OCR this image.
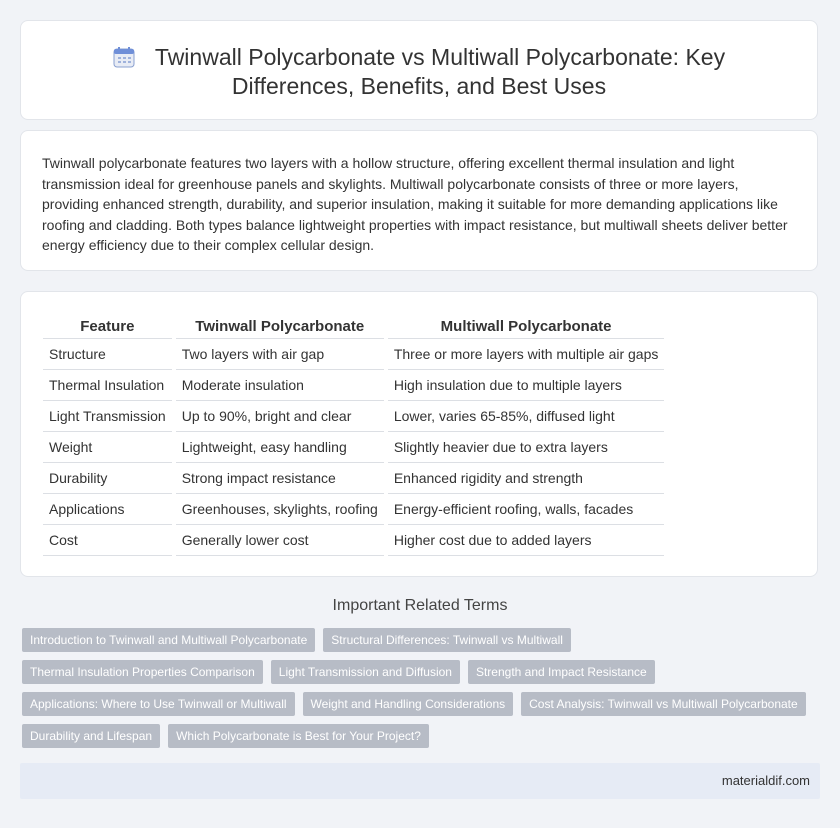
Twinwall Polycarbonate vs Multiwall Polycarbonate: Key Differences, Benefits, and Best Uses

Twinwall polycarbonate features two layers with a hollow structure, offering excellent thermal insulation and light transmission ideal for greenhouse panels and skylights. Multiwall polycarbonate consists of three or more layers, providing enhanced strength, durability, and superior insulation, making it suitable for more demanding applications like roofing and cladding. Both types balance lightweight properties with impact resistance, but multiwall sheets deliver better energy efficiency due to their complex cellular design.

Feature		Twinwall Polycarbonate		Multiwall Polycarbonate
Structure		Two layers with air gap		Three or more layers with multiple air gaps
Thermal Insulation		Moderate insulation		High insulation due to multiple layers
Light Transmission		Up to 90%, bright and clear		Lower, varies 65-85%, diffused light
Weight		Lightweight, easy handling		Slightly heavier due to extra layers
Durability		Strong impact resistance		Enhanced rigidity and strength
Applications		Greenhouses, skylights, roofing		Energy-efficient roofing, walls, facades
Cost		Generally lower cost		Higher cost due to added layers
Important Related Terms
Introduction to Twinwall and Multiwall Polycarbonate Structural Differences: Twinwall vs Multiwall
Thermal Insulation Properties Comparison Light Transmission and Diffusion Strength and Impact Resistance
Applications: Where to Use Twinwall or Multiwall Weight and Handling Considerations Cost Analysis: Twinwall vs Multiwall Polycarbonate
Durability and Lifespan Which Polycarbonate is Best for Your Project?
materialdif.com
